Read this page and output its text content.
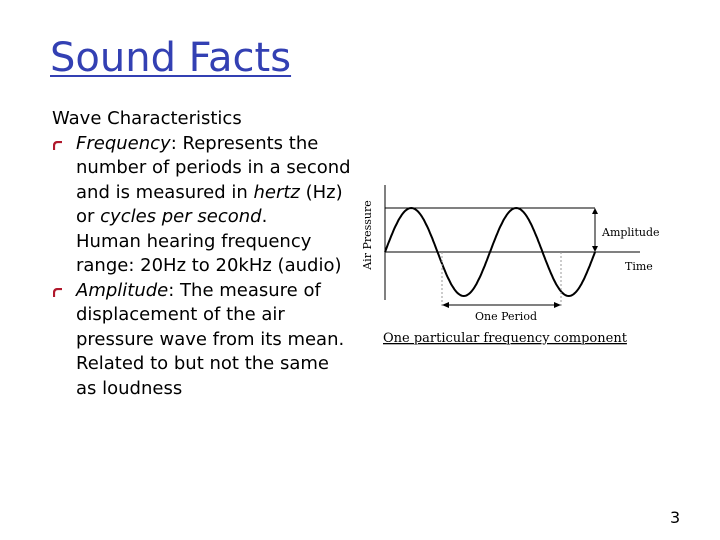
Sound Facts
Wave Characteristics
Frequency: Represents the number of periods in a second and is measured in hertz (Hz) or cycles per second.
Human hearing frequency range: 20Hz to 20kHz (audio)
Amplitude: The measure of displacement of the air pressure wave from its mean. Related to but not the same as loudness
Air Pressure	Amplitude
Time
One Period
One particular frequency component
3
